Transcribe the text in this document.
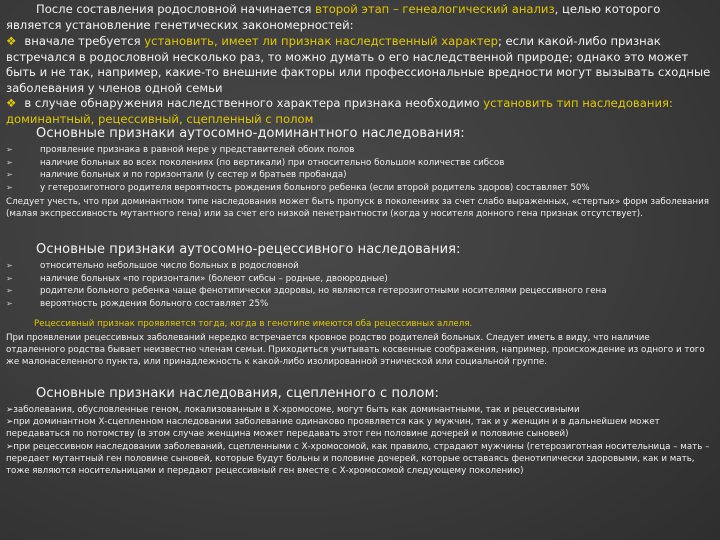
После составления родословной начинается второй этап – генеалогический анализ, целью которого является установление генетических закономерностей:
❖ вначале требуется установить, имеет ли признак наследственный характер; если какой-либо признак встречался в родословной несколько раз, то можно думать о его наследственной природе; однако это может быть и не так, например, какие-то внешние факторы или профессиональные вредности могут вызывать сходные заболевания у членов одной семьи
❖ в случае обнаружения наследственного характера признака необходимо установить тип наследования: доминантный, рецессивный, сцепленный с полом
Основные признаки аутосомно-доминантного наследования:
➢	проявление признака в равной мере у представителей обоих полов
➢	наличие больных во всех поколениях (по вертикали) при относительно большом количестве сибсов
➢	наличие больных и по горизонтали (у сестер и братьев пробанда)
➢	у гетерозиготного родителя вероятность рождения больного ребенка (если второй родитель здоров) составляет 50%
Следует учесть, что при доминантном типе наследования может быть пропуск в поколениях за счет слабо выраженных, «стертых» форм заболевания (малая экспрессивность мутантного гена) или за счет его низкой пенетрантности (когда у носителя донного гена признак отсутствует).
Основные признаки аутосомно-рецессивного наследования:
➢	относительно небольшое число больных в родословной
➢	наличие больных «по горизонтали» (болеют сибсы – родные, двоюродные)
➢	родители больного ребенка чаще фенотипически здоровы, но являются гетерозиготными носителями рецессивного гена
➢	вероятность рождения больного составляет 25%
Рецессивный признак проявляется тогда, когда в генотипе имеются оба рецессивных аллеля.
При проявлении рецессивных заболеваний нередко встречается кровное родство родителей больных. Следует иметь в виду, что наличие отдаленного родства бывает неизвестно членам семьи. Приходиться учитывать косвенные соображения, например, происхождение из одного и того же малонаселенного пункта, или принадлежность к какой-либо изолированной этнической или социальной группе.
Основные признаки наследования, сцепленного с полом:
➢заболевания, обусловленные геном, локализованным в Х-хромосоме, могут быть как доминантными, так и рецессивными
➢при доминантном Х-сцепленном наследовании заболевание одинаково проявляется как у мужчин, так и у женщин и в дальнейшем может передаваться по потомству (в этом случае женщина может передавать этот ген половине дочерей и половине сыновей)
➢при рецессивном наследовании заболеваний, сцепленными с Х-хромосомой, как правило, страдают мужчины (гетерозиготная носительница – мать – передает мутантный ген половине сыновей, которые будут больны и половине дочерей, которые оставаясь фенотипически здоровыми, как и мать, тоже являются носительницами и передают рецессивный ген вместе с Х-хромосомой следующему поколению)
